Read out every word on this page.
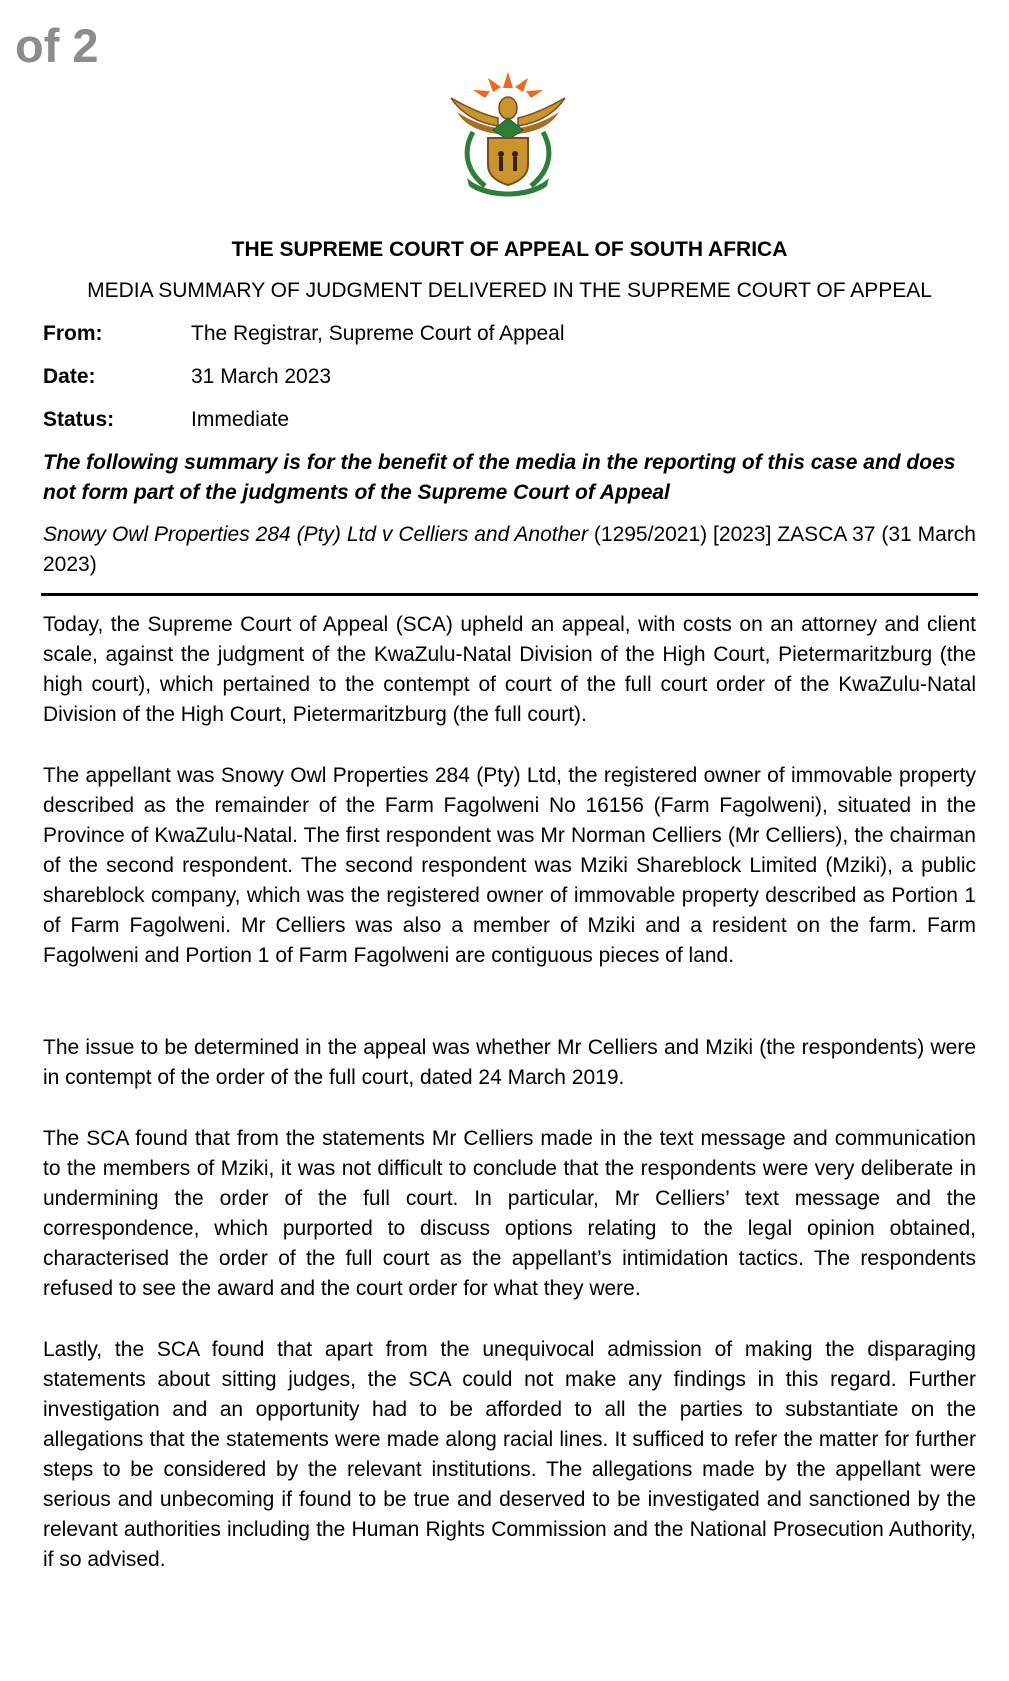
of 2
THE SUPREME COURT OF APPEAL OF SOUTH AFRICA
MEDIA SUMMARY OF JUDGMENT DELIVERED IN THE SUPREME COURT OF APPEAL
From:	The Registrar, Supreme Court of Appeal
Date:	31 March 2023
Status:	Immediate
The following summary is for the benefit of the media in the reporting of this case and does not form part of the judgments of the Supreme Court of Appeal
Snowy Owl Properties 284 (Pty) Ltd v Celliers and Another (1295/2021) [2023] ZASCA 37 (31 March 2023)
Today, the Supreme Court of Appeal (SCA) upheld an appeal, with costs on an attorney and client scale, against the judgment of the KwaZulu-Natal Division of the High Court, Pietermaritzburg (the high court), which pertained to the contempt of court of the full court order of the KwaZulu-Natal Division of the High Court, Pietermaritzburg (the full court).
The appellant was Snowy Owl Properties 284 (Pty) Ltd, the registered owner of immovable property described as the remainder of the Farm Fagolweni No 16156 (Farm Fagolweni), situated in the Province of KwaZulu-Natal. The first respondent was Mr Norman Celliers (Mr Celliers), the chairman of the second respondent. The second respondent was Mziki Shareblock Limited (Mziki), a public shareblock company, which was the registered owner of immovable property described as Portion 1 of Farm Fagolweni. Mr Celliers was also a member of Mziki and a resident on the farm. Farm Fagolweni and Portion 1 of Farm Fagolweni are contiguous pieces of land.
The issue to be determined in the appeal was whether Mr Celliers and Mziki (the respondents) were in contempt of the order of the full court, dated 24 March 2019.
The SCA found that from the statements Mr Celliers made in the text message and communication to the members of Mziki, it was not difficult to conclude that the respondents were very deliberate in undermining the order of the full court. In particular, Mr Celliers’ text message and the correspondence, which purported to discuss options relating to the legal opinion obtained, characterised the order of the full court as the appellant’s intimidation tactics. The respondents refused to see the award and the court order for what they were.
Lastly, the SCA found that apart from the unequivocal admission of making the disparaging statements about sitting judges, the SCA could not make any findings in this regard. Further investigation and an opportunity had to be afforded to all the parties to substantiate on the allegations that the statements were made along racial lines. It sufficed to refer the matter for further steps to be considered by the relevant institutions. The allegations made by the appellant were serious and unbecoming if found to be true and deserved to be investigated and sanctioned by the relevant authorities including the Human Rights Commission and the National Prosecution Authority, if so advised.
